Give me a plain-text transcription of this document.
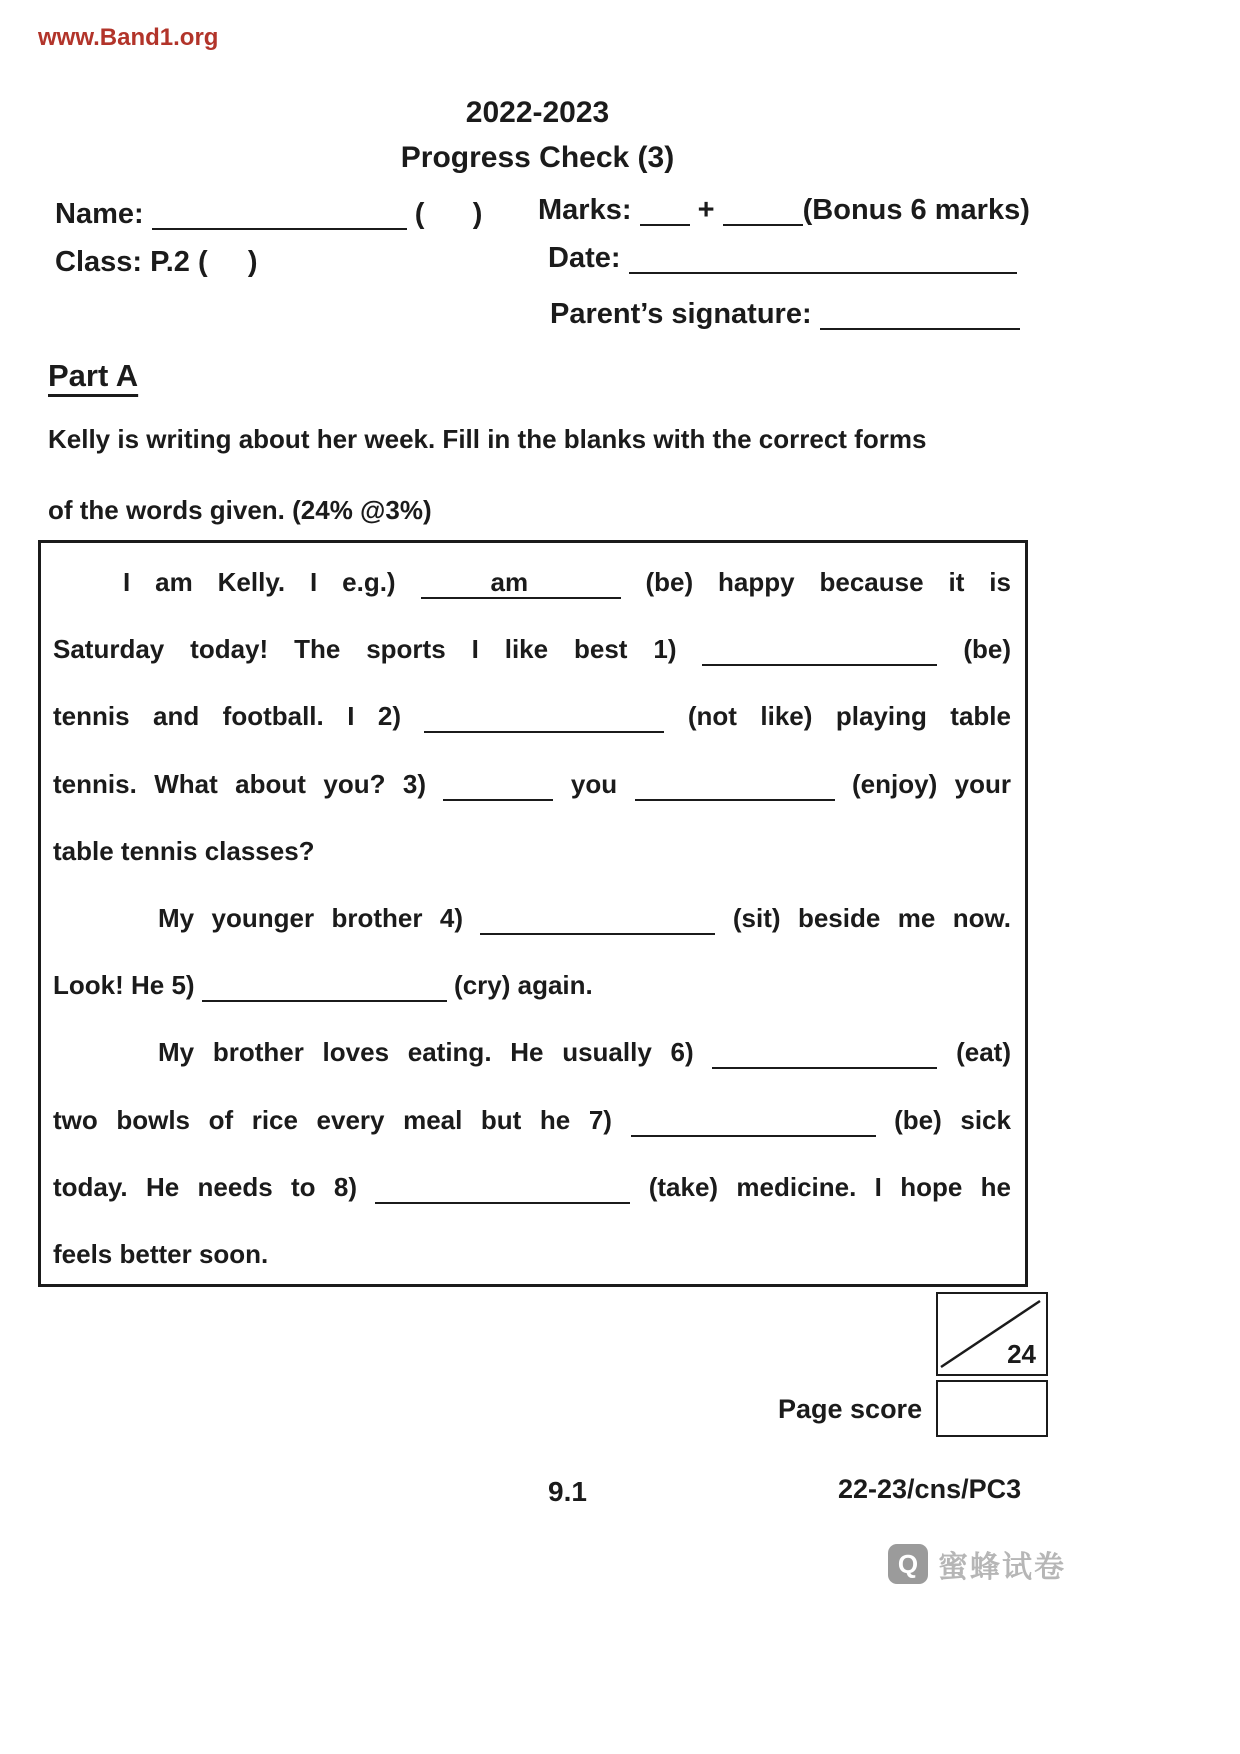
www.Band1.org
2022-2023
Progress Check (3)
Name:	(      ) Marks: +	(Bonus 6 marks)
Class: P.2 (     )	Date:
Parent’s signature:
Part A
Kelly is writing about her week. Fill in the blanks with the correct forms
of the words given. (24% @3%)
I am Kelly. I e.g.)	am	(be) happy because it is
Saturday today! The sports I like best 1)	(be)
tennis and football. I 2)	(not like) playing table
tennis. What about you? 3)	you	(enjoy) your
table tennis classes?
My younger brother 4)	(sit) beside me now.
Look! He 5)	(cry) again.
My brother loves eating. He usually 6)	(eat)
two bowls of rice every meal but he 7)	(be) sick
today. He needs to 8)	(take) medicine. I hope he
feels better soon.
24
Page score
9.1	22-23/cns/PC3
Q 蜜蜂试卷
